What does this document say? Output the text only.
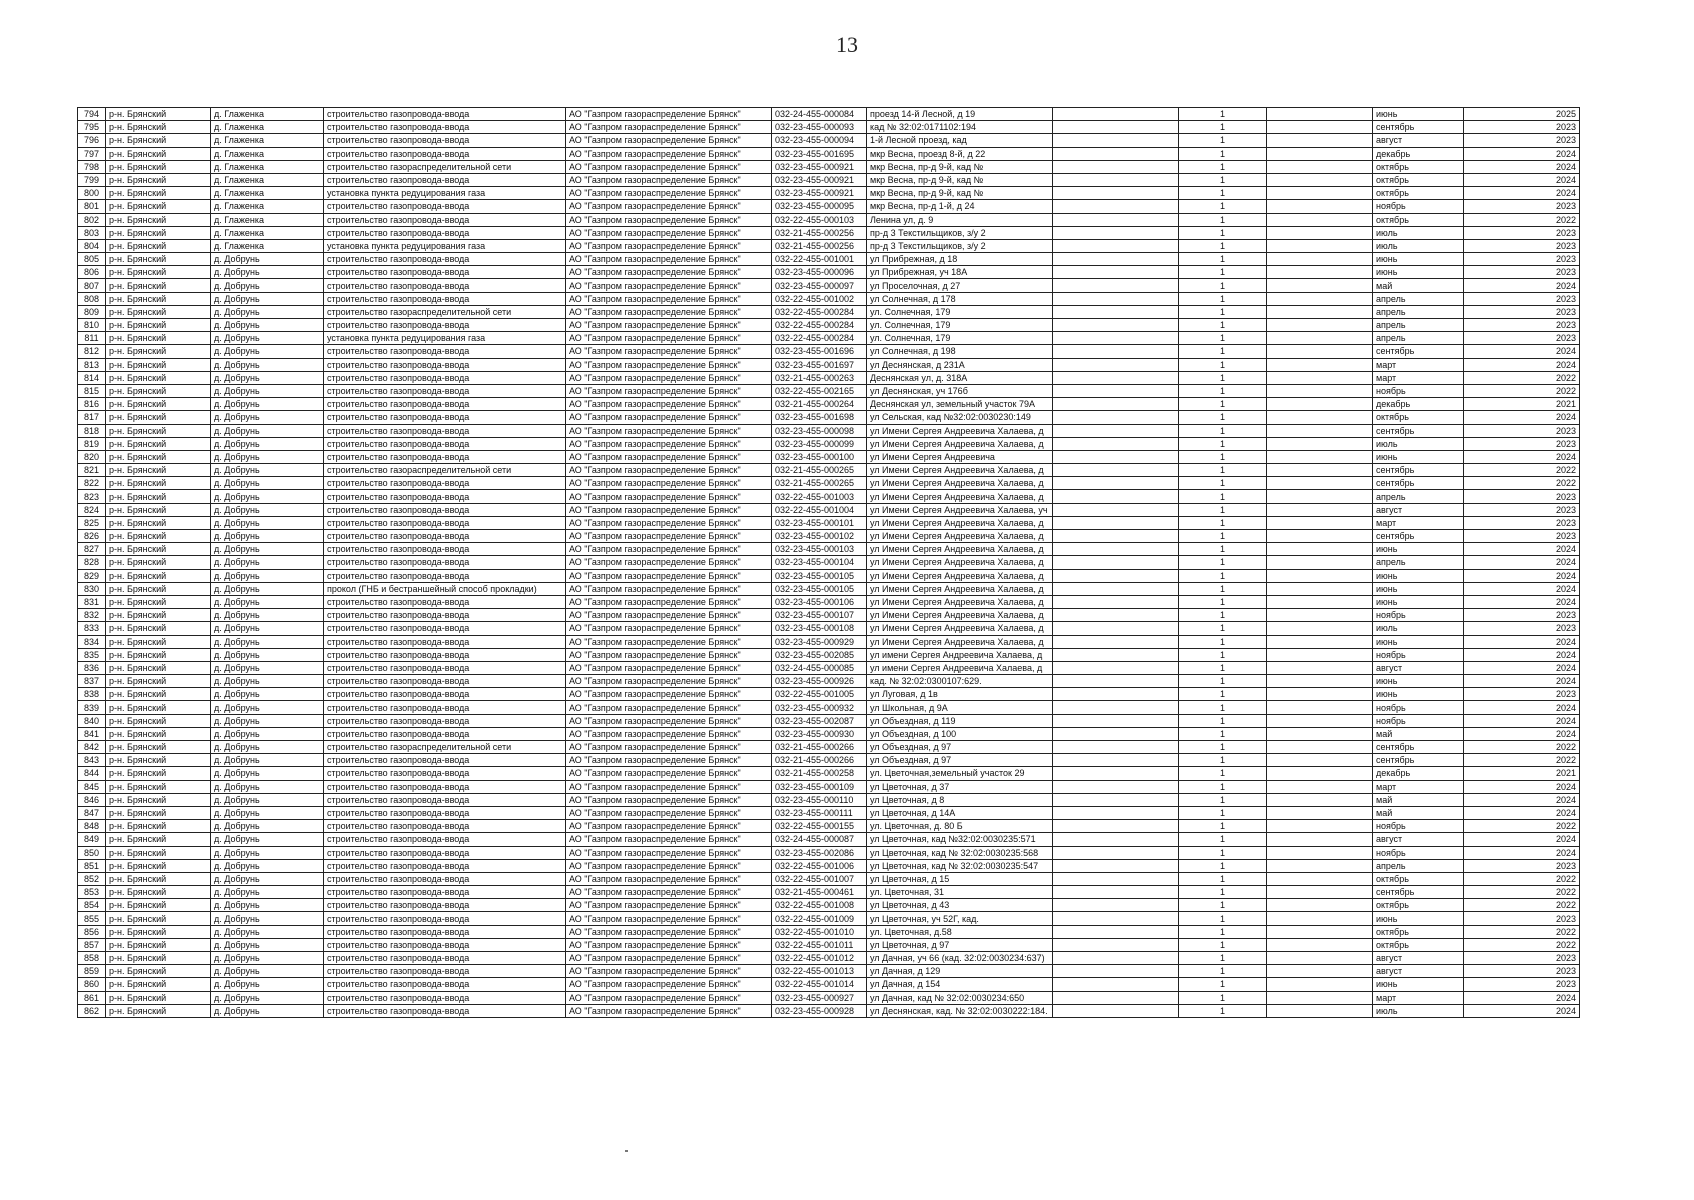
13
794	р-н. Брянский	д. Глаженка	строительство газопровода-ввода	АО "Газпром газораспределение Брянск"	032-24-455-000084	проезд 14-й Лесной, д 19		1		июнь	2025
795	р-н. Брянский	д. Глаженка	строительство газопровода-ввода	АО "Газпром газораспределение Брянск"	032-23-455-000093	кад № 32:02:0171102:194		1		сентябрь	2023
796	р-н. Брянский	д. Глаженка	строительство газопровода-ввода	АО "Газпром газораспределение Брянск"	032-23-455-000094	1-й Лесной проезд, кад		1		август	2023
797	р-н. Брянский	д. Глаженка	строительство газопровода-ввода	АО "Газпром газораспределение Брянск"	032-23-455-001695	мкр Весна, проезд 8-й, д 22		1		декабрь	2024
798	р-н. Брянский	д. Глаженка	строительство газораспределительной сети	АО "Газпром газораспределение Брянск"	032-23-455-000921	мкр Весна, пр-д 9-й, кад №		1		октябрь	2024
799	р-н. Брянский	д. Глаженка	строительство газопровода-ввода	АО "Газпром газораспределение Брянск"	032-23-455-000921	мкр Весна, пр-д 9-й, кад №		1		октябрь	2024
800	р-н. Брянский	д. Глаженка	установка пункта редуцирования газа	АО "Газпром газораспределение Брянск"	032-23-455-000921	мкр Весна, пр-д 9-й, кад №		1		октябрь	2024
801	р-н. Брянский	д. Глаженка	строительство газопровода-ввода	АО "Газпром газораспределение Брянск"	032-23-455-000095	мкр Весна, пр-д 1-й, д 24		1		ноябрь	2023
802	р-н. Брянский	д. Глаженка	строительство газопровода-ввода	АО "Газпром газораспределение Брянск"	032-22-455-000103	Ленина ул, д. 9		1		октябрь	2022
803	р-н. Брянский	д. Глаженка	строительство газопровода-ввода	АО "Газпром газораспределение Брянск"	032-21-455-000256	пр-д 3 Текстильщиков, з/у 2		1		июль	2023
804	р-н. Брянский	д. Глаженка	установка пункта редуцирования газа	АО "Газпром газораспределение Брянск"	032-21-455-000256	пр-д 3 Текстильщиков, з/у 2		1		июль	2023
805	р-н. Брянский	д. Добрунь	строительство газопровода-ввода	АО "Газпром газораспределение Брянск"	032-22-455-001001	ул Прибрежная, д 18		1		июнь	2023
806	р-н. Брянский	д. Добрунь	строительство газопровода-ввода	АО "Газпром газораспределение Брянск"	032-23-455-000096	ул Прибрежная, уч 18А		1		июнь	2023
807	р-н. Брянский	д. Добрунь	строительство газопровода-ввода	АО "Газпром газораспределение Брянск"	032-23-455-000097	ул Проселочная, д 27		1		май	2024
808	р-н. Брянский	д. Добрунь	строительство газопровода-ввода	АО "Газпром газораспределение Брянск"	032-22-455-001002	ул Солнечная, д 178		1		апрель	2023
809	р-н. Брянский	д. Добрунь	строительство газораспределительной сети	АО "Газпром газораспределение Брянск"	032-22-455-000284	ул. Солнечная, 179		1		апрель	2023
810	р-н. Брянский	д. Добрунь	строительство газопровода-ввода	АО "Газпром газораспределение Брянск"	032-22-455-000284	ул. Солнечная, 179		1		апрель	2023
811	р-н. Брянский	д. Добрунь	установка пункта редуцирования газа	АО "Газпром газораспределение Брянск"	032-22-455-000284	ул. Солнечная, 179		1		апрель	2023
812	р-н. Брянский	д. Добрунь	строительство газопровода-ввода	АО "Газпром газораспределение Брянск"	032-23-455-001696	ул Солнечная, д 198		1		сентябрь	2024
813	р-н. Брянский	д. Добрунь	строительство газопровода-ввода	АО "Газпром газораспределение Брянск"	032-23-455-001697	ул Деснянская, д 231А		1		март	2024
814	р-н. Брянский	д. Добрунь	строительство газопровода-ввода	АО "Газпром газораспределение Брянск"	032-21-455-000263	Деснянская ул, д. 318А		1		март	2022
815	р-н. Брянский	д. Добрунь	строительство газопровода-ввода	АО "Газпром газораспределение Брянск"	032-22-455-002165	ул Деснянская, уч 176б		1		ноябрь	2022
816	р-н. Брянский	д. Добрунь	строительство газопровода-ввода	АО "Газпром газораспределение Брянск"	032-21-455-000264	Деснянская ул, земельный участок 79А		1		декабрь	2021
817	р-н. Брянский	д. Добрунь	строительство газопровода-ввода	АО "Газпром газораспределение Брянск"	032-23-455-001698	ул Сельская, кад №32:02:0030230:149		1		октябрь	2024
818	р-н. Брянский	д. Добрунь	строительство газопровода-ввода	АО "Газпром газораспределение Брянск"	032-23-455-000098	ул Имени Сергея Андреевича Халаева, д		1		сентябрь	2023
819	р-н. Брянский	д. Добрунь	строительство газопровода-ввода	АО "Газпром газораспределение Брянск"	032-23-455-000099	ул Имени Сергея Андреевича Халаева, д		1		июль	2023
820	р-н. Брянский	д. Добрунь	строительство газопровода-ввода	АО "Газпром газораспределение Брянск"	032-23-455-000100	ул Имени Сергея Андреевича		1		июнь	2024
821	р-н. Брянский	д. Добрунь	строительство газораспределительной сети	АО "Газпром газораспределение Брянск"	032-21-455-000265	ул Имени Сергея Андреевича Халаева, д		1		сентябрь	2022
822	р-н. Брянский	д. Добрунь	строительство газопровода-ввода	АО "Газпром газораспределение Брянск"	032-21-455-000265	ул Имени Сергея Андреевича Халаева, д		1		сентябрь	2022
823	р-н. Брянский	д. Добрунь	строительство газопровода-ввода	АО "Газпром газораспределение Брянск"	032-22-455-001003	ул Имени Сергея Андреевича Халаева, д		1		апрель	2023
824	р-н. Брянский	д. Добрунь	строительство газопровода-ввода	АО "Газпром газораспределение Брянск"	032-22-455-001004	ул Имени Сергея Андреевича Халаева, уч		1		август	2023
825	р-н. Брянский	д. Добрунь	строительство газопровода-ввода	АО "Газпром газораспределение Брянск"	032-23-455-000101	ул Имени Сергея Андреевича Халаева, д		1		март	2023
826	р-н. Брянский	д. Добрунь	строительство газопровода-ввода	АО "Газпром газораспределение Брянск"	032-23-455-000102	ул Имени Сергея Андреевича Халаева, д		1		сентябрь	2023
827	р-н. Брянский	д. Добрунь	строительство газопровода-ввода	АО "Газпром газораспределение Брянск"	032-23-455-000103	ул Имени Сергея Андреевича Халаева, д		1		июнь	2024
828	р-н. Брянский	д. Добрунь	строительство газопровода-ввода	АО "Газпром газораспределение Брянск"	032-23-455-000104	ул Имени Сергея Андреевича Халаева, д		1		апрель	2024
829	р-н. Брянский	д. Добрунь	строительство газопровода-ввода	АО "Газпром газораспределение Брянск"	032-23-455-000105	ул Имени Сергея Андреевича Халаева, д		1		июнь	2024
830	р-н. Брянский	д. Добрунь	прокол (ГНБ и бестраншейный способ прокладки)	АО "Газпром газораспределение Брянск"	032-23-455-000105	ул Имени Сергея Андреевича Халаева, д		1		июнь	2024
831	р-н. Брянский	д. Добрунь	строительство газопровода-ввода	АО "Газпром газораспределение Брянск"	032-23-455-000106	ул Имени Сергея Андреевича Халаева, д		1		июнь	2024
832	р-н. Брянский	д. Добрунь	строительство газопровода-ввода	АО "Газпром газораспределение Брянск"	032-23-455-000107	ул Имени Сергея Андреевича Халаева, д		1		ноябрь	2023
833	р-н. Брянский	д. Добрунь	строительство газопровода-ввода	АО "Газпром газораспределение Брянск"	032-23-455-000108	ул Имени Сергея Андреевича Халаева, д		1		июль	2023
834	р-н. Брянский	д. Добрунь	строительство газопровода-ввода	АО "Газпром газораспределение Брянск"	032-23-455-000929	ул Имени Сергея Андреевича Халаева, д		1		июнь	2024
835	р-н. Брянский	д. Добрунь	строительство газопровода-ввода	АО "Газпром газораспределение Брянск"	032-23-455-002085	ул имени Сергея Андреевича Халаева, д		1		ноябрь	2024
836	р-н. Брянский	д. Добрунь	строительство газопровода-ввода	АО "Газпром газораспределение Брянск"	032-24-455-000085	ул имени Сергея Андреевича Халаева, д		1		август	2024
837	р-н. Брянский	д. Добрунь	строительство газопровода-ввода	АО "Газпром газораспределение Брянск"	032-23-455-000926	кад. № 32:02:0300107:629.		1		июнь	2024
838	р-н. Брянский	д. Добрунь	строительство газопровода-ввода	АО "Газпром газораспределение Брянск"	032-22-455-001005	ул Луговая, д 1в		1		июнь	2023
839	р-н. Брянский	д. Добрунь	строительство газопровода-ввода	АО "Газпром газораспределение Брянск"	032-23-455-000932	ул Школьная, д 9А		1		ноябрь	2024
840	р-н. Брянский	д. Добрунь	строительство газопровода-ввода	АО "Газпром газораспределение Брянск"	032-23-455-002087	ул Объездная, д 119		1		ноябрь	2024
841	р-н. Брянский	д. Добрунь	строительство газопровода-ввода	АО "Газпром газораспределение Брянск"	032-23-455-000930	ул Объездная, д 100		1		май	2024
842	р-н. Брянский	д. Добрунь	строительство газораспределительной сети	АО "Газпром газораспределение Брянск"	032-21-455-000266	ул Объездная, д 97		1		сентябрь	2022
843	р-н. Брянский	д. Добрунь	строительство газопровода-ввода	АО "Газпром газораспределение Брянск"	032-21-455-000266	ул Объездная, д 97		1		сентябрь	2022
844	р-н. Брянский	д. Добрунь	строительство газопровода-ввода	АО "Газпром газораспределение Брянск"	032-21-455-000258	ул. Цветочная,земельный участок 29		1		декабрь	2021
845	р-н. Брянский	д. Добрунь	строительство газопровода-ввода	АО "Газпром газораспределение Брянск"	032-23-455-000109	ул Цветочная, д 37		1		март	2024
846	р-н. Брянский	д. Добрунь	строительство газопровода-ввода	АО "Газпром газораспределение Брянск"	032-23-455-000110	ул Цветочная, д 8		1		май	2024
847	р-н. Брянский	д. Добрунь	строительство газопровода-ввода	АО "Газпром газораспределение Брянск"	032-23-455-000111	ул Цветочная, д 14А		1		май	2024
848	р-н. Брянский	д. Добрунь	строительство газопровода-ввода	АО "Газпром газораспределение Брянск"	032-22-455-000155	ул. Цветочная, д. 80 Б		1		ноябрь	2022
849	р-н. Брянский	д. Добрунь	строительство газопровода-ввода	АО "Газпром газораспределение Брянск"	032-24-455-000087	ул Цветочная, кад №32:02:0030235:571		1		август	2024
850	р-н. Брянский	д. Добрунь	строительство газопровода-ввода	АО "Газпром газораспределение Брянск"	032-23-455-002086	ул Цветочная, кад № 32:02:0030235:568		1		ноябрь	2024
851	р-н. Брянский	д. Добрунь	строительство газопровода-ввода	АО "Газпром газораспределение Брянск"	032-22-455-001006	ул Цветочная, кад № 32:02:0030235:547		1		апрель	2023
852	р-н. Брянский	д. Добрунь	строительство газопровода-ввода	АО "Газпром газораспределение Брянск"	032-22-455-001007	ул Цветочная, д 15		1		октябрь	2022
853	р-н. Брянский	д. Добрунь	строительство газопровода-ввода	АО "Газпром газораспределение Брянск"	032-21-455-000461	ул. Цветочная, 31		1		сентябрь	2022
854	р-н. Брянский	д. Добрунь	строительство газопровода-ввода	АО "Газпром газораспределение Брянск"	032-22-455-001008	ул Цветочная, д 43		1		октябрь	2022
855	р-н. Брянский	д. Добрунь	строительство газопровода-ввода	АО "Газпром газораспределение Брянск"	032-22-455-001009	ул Цветочная, уч 52Г, кад.		1		июнь	2023
856	р-н. Брянский	д. Добрунь	строительство газопровода-ввода	АО "Газпром газораспределение Брянск"	032-22-455-001010	ул. Цветочная, д.58		1		октябрь	2022
857	р-н. Брянский	д. Добрунь	строительство газопровода-ввода	АО "Газпром газораспределение Брянск"	032-22-455-001011	ул Цветочная, д 97		1		октябрь	2022
858	р-н. Брянский	д. Добрунь	строительство газопровода-ввода	АО "Газпром газораспределение Брянск"	032-22-455-001012	ул Дачная, уч 66 (кад. 32:02:0030234:637)		1		август	2023
859	р-н. Брянский	д. Добрунь	строительство газопровода-ввода	АО "Газпром газораспределение Брянск"	032-22-455-001013	ул Дачная, д 129		1		август	2023
860	р-н. Брянский	д. Добрунь	строительство газопровода-ввода	АО "Газпром газораспределение Брянск"	032-22-455-001014	ул Дачная, д 154		1		июнь	2023
861	р-н. Брянский	д. Добрунь	строительство газопровода-ввода	АО "Газпром газораспределение Брянск"	032-23-455-000927	ул Дачная, кад № 32:02:0030234:650		1		март	2024
862	р-н. Брянский	д. Добрунь	строительство газопровода-ввода	АО "Газпром газораспределение Брянск"	032-23-455-000928	ул Деснянская, кад. № 32:02:0030222:184.		1		июль	2024
